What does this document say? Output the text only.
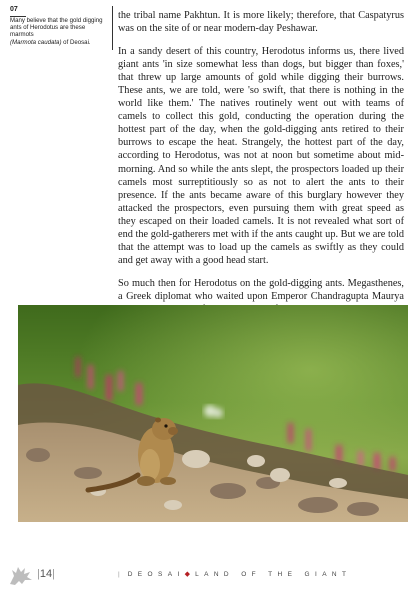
07
Many believe that the gold digging
ants of Herodotus are these marmots
(Marmota caudata) of Deosai.

the tribal name Pakhtun. It is more likely; therefore, that Caspatyrus was on the site of or near modern-day Peshawar.

In a sandy desert of this country, Herodotus informs us, there lived giant ants 'in size somewhat less than dogs, but bigger than foxes,' that threw up large amounts of gold while digging their burrows. These ants, we are told, were 'so swift, that there is nothing in the world like them.' The natives routinely went out with teams of camels to collect this gold, conducting the operation during the hottest part of the day, when the gold-digging ants retired to their burrows to escape the heat. Strangely, the hottest part of the day, according to Herodotus, was not at noon but sometime about mid-morning. And so while the ants slept, the prospectors loaded up their camels most surreptitiously so as not to alert the ants to their presence. If the ants became aware of this burglary however they attacked the prospectors, even pursuing them with great speed as they escaped on their loaded camels. It is not revealed what sort of end the gold-gatherers met with if the ants caught up. But we are told that the attempt was to load up the camels as swiftly as they could and get away with a good head start.

So much then for Herodotus on the gold-digging ants. Megasthenes, a Greek diplomat who waited upon Emperor Chandragupta Maurya

|14|	| DEOSAI◆ LAND OF THE GIANT
